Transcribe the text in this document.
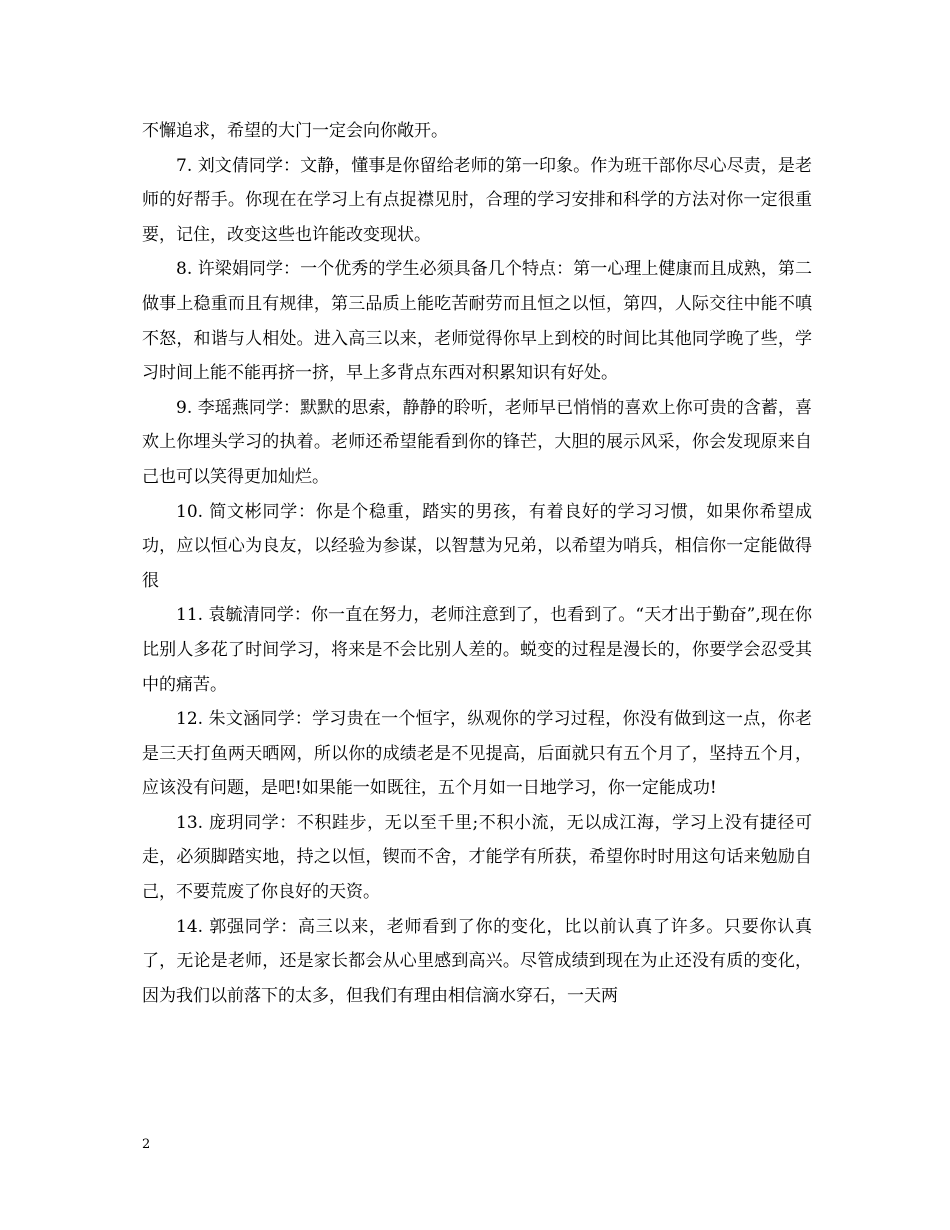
不懈追求，希望的大门一定会向你敞开。

7. 刘文倩同学：文静，懂事是你留给老师的第一印象。作为班干部你尽心尽责，是老师的好帮手。你现在在学习上有点捉襟见肘，合理的学习安排和科学的方法对你一定很重要，记住，改变这些也许能改变现状。

8. 许梁娟同学：一个优秀的学生必须具备几个特点：第一心理上健康而且成熟，第二做事上稳重而且有规律，第三品质上能吃苦耐劳而且恒之以恒，第四，人际交往中能不嗔不怒，和谐与人相处。进入高三以来，老师觉得你早上到校的时间比其他同学晚了些，学习时间上能不能再挤一挤，早上多背点东西对积累知识有好处。

9. 李瑶燕同学：默默的思索，静静的聆听，老师早已悄悄的喜欢上你可贵的含蓄，喜欢上你埋头学习的执着。老师还希望能看到你的锋芒，大胆的展示风采，你会发现原来自己也可以笑得更加灿烂。

10. 简文彬同学：你是个稳重，踏实的男孩，有着良好的学习习惯，如果你希望成功，应以恒心为良友，以经验为参谋，以智慧为兄弟，以希望为哨兵，相信你一定能做得很

11. 袁毓清同学：你一直在努力，老师注意到了，也看到了。“天才出于勤奋”,现在你比别人多花了时间学习，将来是不会比别人差的。蜕变的过程是漫长的，你要学会忍受其中的痛苦。

12. 朱文涵同学：学习贵在一个恒字，纵观你的学习过程，你没有做到这一点，你老是三天打鱼两天晒网，所以你的成绩老是不见提高，后面就只有五个月了，坚持五个月，应该没有问题，是吧!如果能一如既往，五个月如一日地学习，你一定能成功!

13. 庞玥同学：不积跬步，无以至千里;不积小流，无以成江海，学习上没有捷径可走，必须脚踏实地，持之以恒，锲而不舍，才能学有所获，希望你时时用这句话来勉励自己，不要荒废了你良好的天资。

14. 郭强同学：高三以来，老师看到了你的变化，比以前认真了许多。只要你认真了，无论是老师，还是家长都会从心里感到高兴。尽管成绩到现在为止还没有质的变化，因为我们以前落下的太多，但我们有理由相信滴水穿石，一天两

2
